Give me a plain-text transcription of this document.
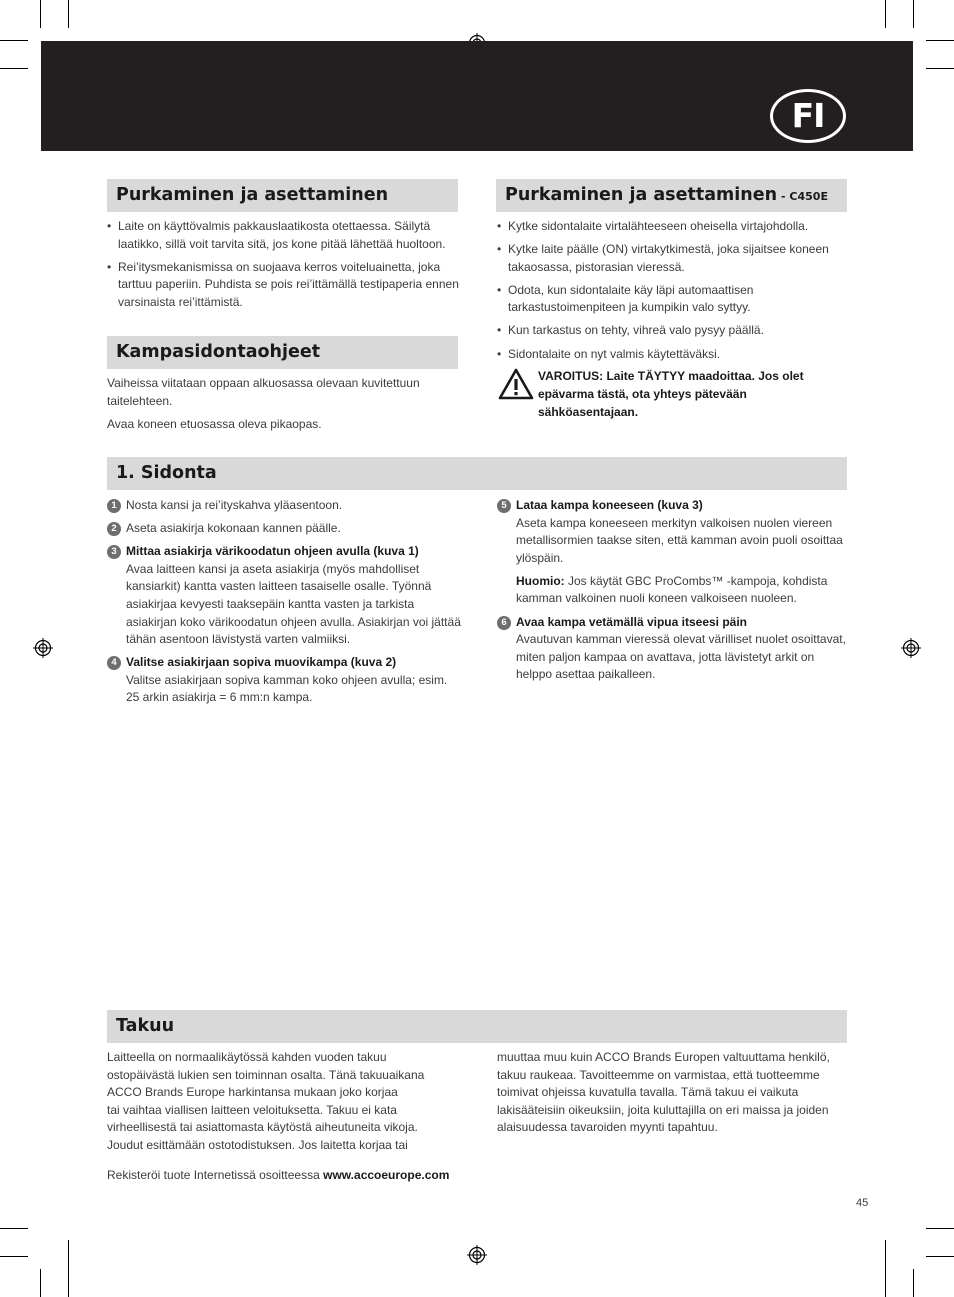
FI
Purkaminen ja asettaminen
• Laite on käyttövalmis pakkauslaatikosta otettaessa. Säilytä laatikko, sillä voit tarvita sitä, jos kone pitää lähettää huoltoon.
• Rei’itysmekanismissa on suojaava kerros voiteluainetta, joka tarttuu paperiin. Puhdista se pois rei’ittämällä testipaperia ennen varsinaista rei’ittämistä.
Kampasidontaohjeet

Vaiheissa viitataan oppaan alkuosassa olevaan kuvitettuun taitelehteen.

Avaa koneen etuosassa oleva pikaopas.

Purkaminen ja asettaminen - C450E
• Kytke sidontalaite virtalähteeseen oheisella virtajohdolla.
• Kytke laite päälle (ON) virtakytkimestä, joka sijaitsee koneen takaosassa, pistorasian vieressä.
• Odota, kun sidontalaite käy läpi automaattisen tarkastustoimenpiteen ja kumpikin valo syttyy.
• Kun tarkastus on tehty, vihreä valo pysyy päällä.
• Sidontalaite on nyt valmis käytettäväksi.
VAROITUS: Laite TÄYTYY maadoittaa. Jos olet epävarma tästä, ota yhteys pätevään sähköasentajaan.
1. Sidonta
1 Nosta kansi ja rei’ityskahva yläasentoon.
2 Aseta asiakirja kokonaan kannen päälle.
3 Mittaa asiakirja värikoodatun ohjeen avulla (kuva 1)
Avaa laitteen kansi ja aseta asiakirja (myös mahdolliset kansiarkit) kantta vasten laitteen tasaiselle osalle. Työnnä asiakirjaa kevyesti taaksepäin kantta vasten ja tarkista asiakirjan koko värikoodatun ohjeen avulla. Asiakirjan voi jättää tähän asentoon lävistystä varten valmiiksi.
4 Valitse asiakirjaan sopiva muovikampa (kuva 2)
Valitse asiakirjaan sopiva kamman koko ohjeen avulla; esim. 25 arkin asiakirja = 6 mm:n kampa.
5 Lataa kampa koneeseen (kuva 3)
Aseta kampa koneeseen merkityn valkoisen nuolen viereen metallisormien taakse siten, että kamman avoin puoli osoittaa ylöspäin.
Huomio: Jos käytät GBC ProCombs™ -kampoja, kohdista kamman valkoinen nuoli koneen valkoiseen nuoleen.
6 Avaa kampa vetämällä vipua itseesi päin
Avautuvan kamman vieressä olevat värilliset nuolet osoittavat, miten paljon kampaa on avattava, jotta lävistetyt arkit on helppo asettaa paikalleen.
Takuu
Laitteella on normaalikäytössä kahden vuoden takuu
ostopäivästä lukien sen toiminnan osalta. Tänä takuuaikana
ACCO Brands Europe harkintansa mukaan joko korjaa
tai vaihtaa viallisen laitteen veloituksetta. Takuu ei kata
virheellisestä tai asiattomasta käytöstä aiheutuneita vikoja.
Joudut esittämään ostotodistuksen. Jos laitetta korjaa tai
muuttaa muu kuin ACCO Brands Europen valtuuttama henkilö,
takuu raukeaa. Tavoitteemme on varmistaa, että tuotteemme
toimivat ohjeissa kuvatulla tavalla. Tämä takuu ei vaikuta
lakisääteisiin oikeuksiin, joita kuluttajilla on eri maissa ja joiden
alaisuudessa tavaroiden myynti tapahtuu.
Rekisteröi tuote Internetissä osoitteessa www.accoeurope.com
45
